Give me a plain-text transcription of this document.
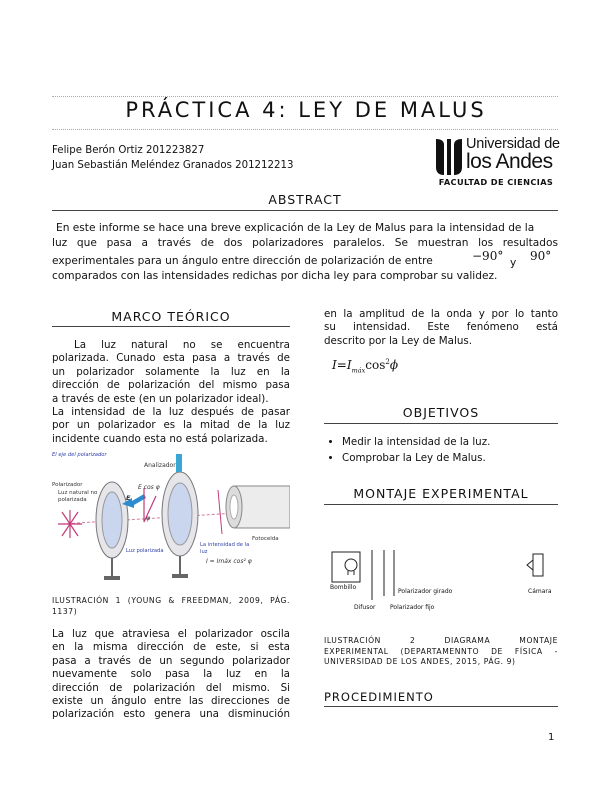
PRÁCTICA 4: LEY DE MALUS
Felipe Berón Ortiz 201223827
Juan Sebastián Meléndez Granados 201212213
Universidad de
los Andes
FACULTAD DE CIENCIAS
ABSTRACT
En este informe se hace una breve explicación de la Ley de Malus para la intensidad de la
luz que pasa a través de dos polarizadores paralelos. Se muestran los resultados
experimentales para un ángulo entre dirección de polarización de entre	−90° y 90°
comparados con las intensidades redichas por dicha ley para comprobar su validez.
MARCO TEÓRICO
La luz natural no se encuentra
polarizada. Cunado esta pasa a través de
un polarizador solamente la luz en la
dirección de polarización del mismo pasa
a través de este (en un polarizador ideal).
La intensidad de la luz después de pasar
por un polarizador es la mitad de la luz
incidente cuando esta no está polarizada.
El eje del polarizador
Polarizador
Analizador
Luz natural no polarizada
E cos φ
E
φ
Fotocelda
Luz polarizada
La intensidad de la luz
I = Imáx cos² φ
ILUSTRACIÓN 1 (YOUNG & FREEDMAN, 2009, PÁG. 1137)
La luz que atraviesa el polarizador oscila
en la misma dirección de este, si esta
pasa a través de un segundo polarizador
nuevamente solo pasa la luz en la
dirección de polarización del mismo. Si
existe un ángulo entre las direcciones de
polarización esto genera una disminución
en la amplitud de la onda y por lo tanto
su intensidad. Este fenómeno está
descrito por la Ley de Malus.
$I=I_{máx}\cos^2\phi$
OBJETIVOS
• Medir la intensidad de la luz.
• Comprobar la Ley de Malus.
MONTAJE EXPERIMENTAL
Bombillo
Difusor Polarizador fijo
Polarizador girado	Cámara
ILUSTRACIÓN 2 DIAGRAMA MONTAJE
EXPERIMENTAL (DEPARTAMENNTO DE FÍSICA -
UNIVERSIDAD DE LOS ANDES, 2015, PÁG. 9)
PROCEDIMIENTO
1
